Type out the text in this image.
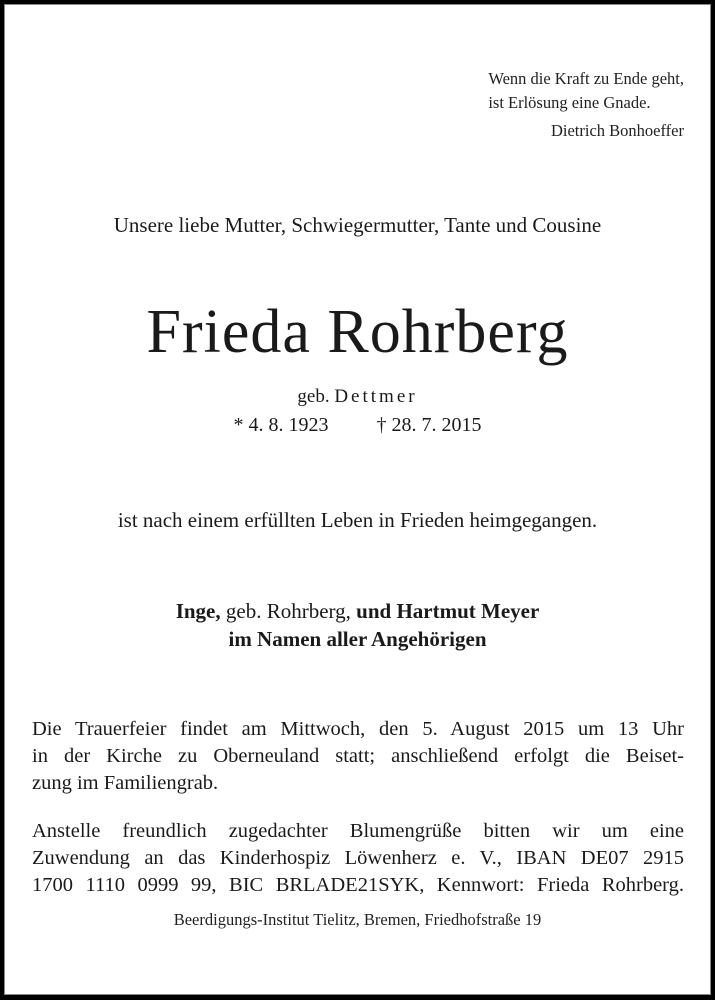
Wenn die Kraft zu Ende geht,
ist Erlösung eine Gnade.
Dietrich Bonhoeffer
Unsere liebe Mutter, Schwiegermutter, Tante und Cousine
Frieda Rohrberg
geb. Dettmer
* 4. 8. 1923 † 28. 7. 2015
ist nach einem erfüllten Leben in Frieden heimgegangen.
Inge, geb. Rohrberg, und Hartmut Meyer
im Namen aller Angehörigen
Die Trauerfeier findet am Mittwoch, den 5. August 2015 um 13 Uhr
in der Kirche zu Oberneuland statt; anschließend erfolgt die Beiset-
zung im Familiengrab.
Anstelle freundlich zugedachter Blumengrüße bitten wir um eine
Zuwendung an das Kinderhospiz Löwenherz e. V., IBAN DE07 2915
1700 1110 0999 99, BIC BRLADE21SYK, Kennwort: Frieda Rohrberg.
Beerdigungs-Institut Tielitz, Bremen, Friedhofstraße 19
